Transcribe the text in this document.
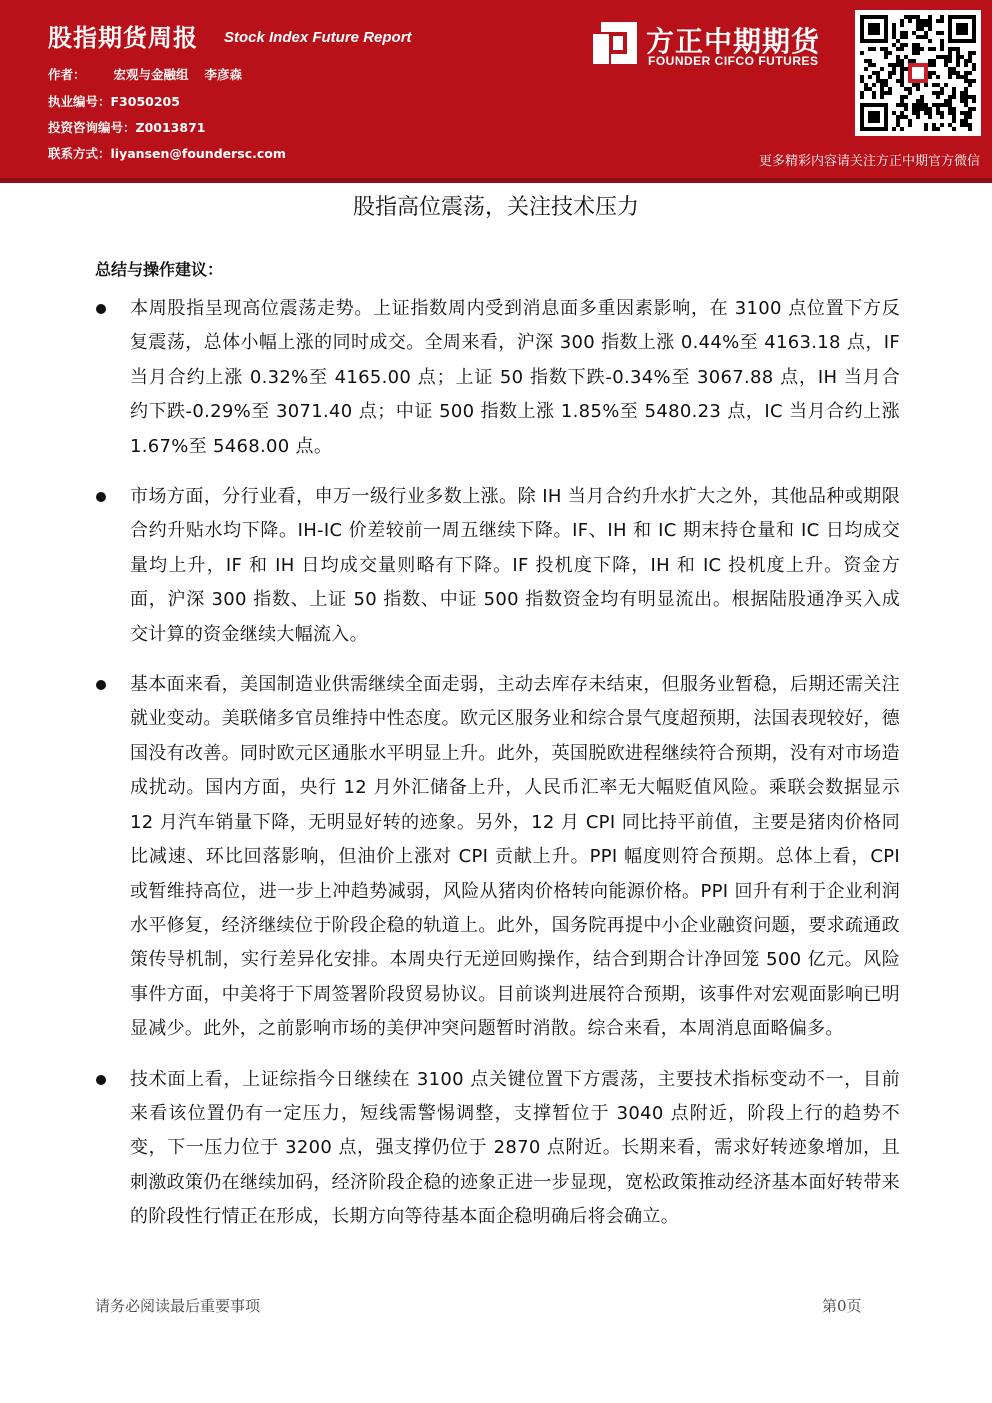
股指期货周报 Stock Index Future Report
作者： 宏观与金融组 李彦森
执业编号：F3050205
投资咨询编号：Z0013871
联系方式：liyansen@foundersc.com
方正中期期货
FOUNDER CIFCO FUTURES
更多精彩内容请关注方正中期官方微信
股指高位震荡，关注技术压力
总结与操作建议：
本周股指呈现高位震荡走势。上证指数周内受到消息面多重因素影响，在 3100 点位置下方反复震荡，总体小幅上涨的同时成交。全周来看，沪深 300 指数上涨 0.44%至 4163.18 点，IF 当月合约上涨 0.32%至 4165.00 点；上证 50 指数下跌-0.34%至 3067.88 点，IH 当月合约下跌-0.29%至 3071.40 点；中证 500 指数上涨 1.85%至 5480.23 点，IC 当月合约上涨 1.67%至 5468.00 点。
市场方面，分行业看，申万一级行业多数上涨。除 IH 当月合约升水扩大之外，其他品种或期限合约升贴水均下降。IH-IC 价差较前一周五继续下降。IF、IH 和 IC 期末持仓量和 IC 日均成交量均上升，IF 和 IH 日均成交量则略有下降。IF 投机度下降，IH 和 IC 投机度上升。资金方面，沪深 300 指数、上证 50 指数、中证 500 指数资金均有明显流出。根据陆股通净买入成交计算的资金继续大幅流入。
基本面来看，美国制造业供需继续全面走弱，主动去库存未结束，但服务业暂稳，后期还需关注就业变动。美联储多官员维持中性态度。欧元区服务业和综合景气度超预期，法国表现较好，德国没有改善。同时欧元区通胀水平明显上升。此外，英国脱欧进程继续符合预期，没有对市场造成扰动。国内方面，央行 12 月外汇储备上升，人民币汇率无大幅贬值风险。乘联会数据显示 12 月汽车销量下降，无明显好转的迹象。另外，12 月 CPI 同比持平前值，主要是猪肉价格同比减速、环比回落影响，但油价上涨对 CPI 贡献上升。PPI 幅度则符合预期。总体上看，CPI 或暂维持高位，进一步上冲趋势减弱，风险从猪肉价格转向能源价格。PPI 回升有利于企业利润水平修复，经济继续位于阶段企稳的轨道上。此外，国务院再提中小企业融资问题，要求疏通政策传导机制，实行差异化安排。本周央行无逆回购操作，结合到期合计净回笼 500 亿元。风险事件方面，中美将于下周签署阶段贸易协议。目前谈判进展符合预期，该事件对宏观面影响已明显减少。此外，之前影响市场的美伊冲突问题暂时消散。综合来看，本周消息面略偏多。
技术面上看，上证综指今日继续在 3100 点关键位置下方震荡，主要技术指标变动不一，目前来看该位置仍有一定压力，短线需警惕调整，支撑暂位于 3040 点附近，阶段上行的趋势不变，下一压力位于 3200 点，强支撑仍位于 2870 点附近。长期来看，需求好转迹象增加，且刺激政策仍在继续加码，经济阶段企稳的迹象正进一步显现，宽松政策推动经济基本面好转带来的阶段性行情正在形成，长期方向等待基本面企稳明确后将会确立。
请务必阅读最后重要事项	第0页
